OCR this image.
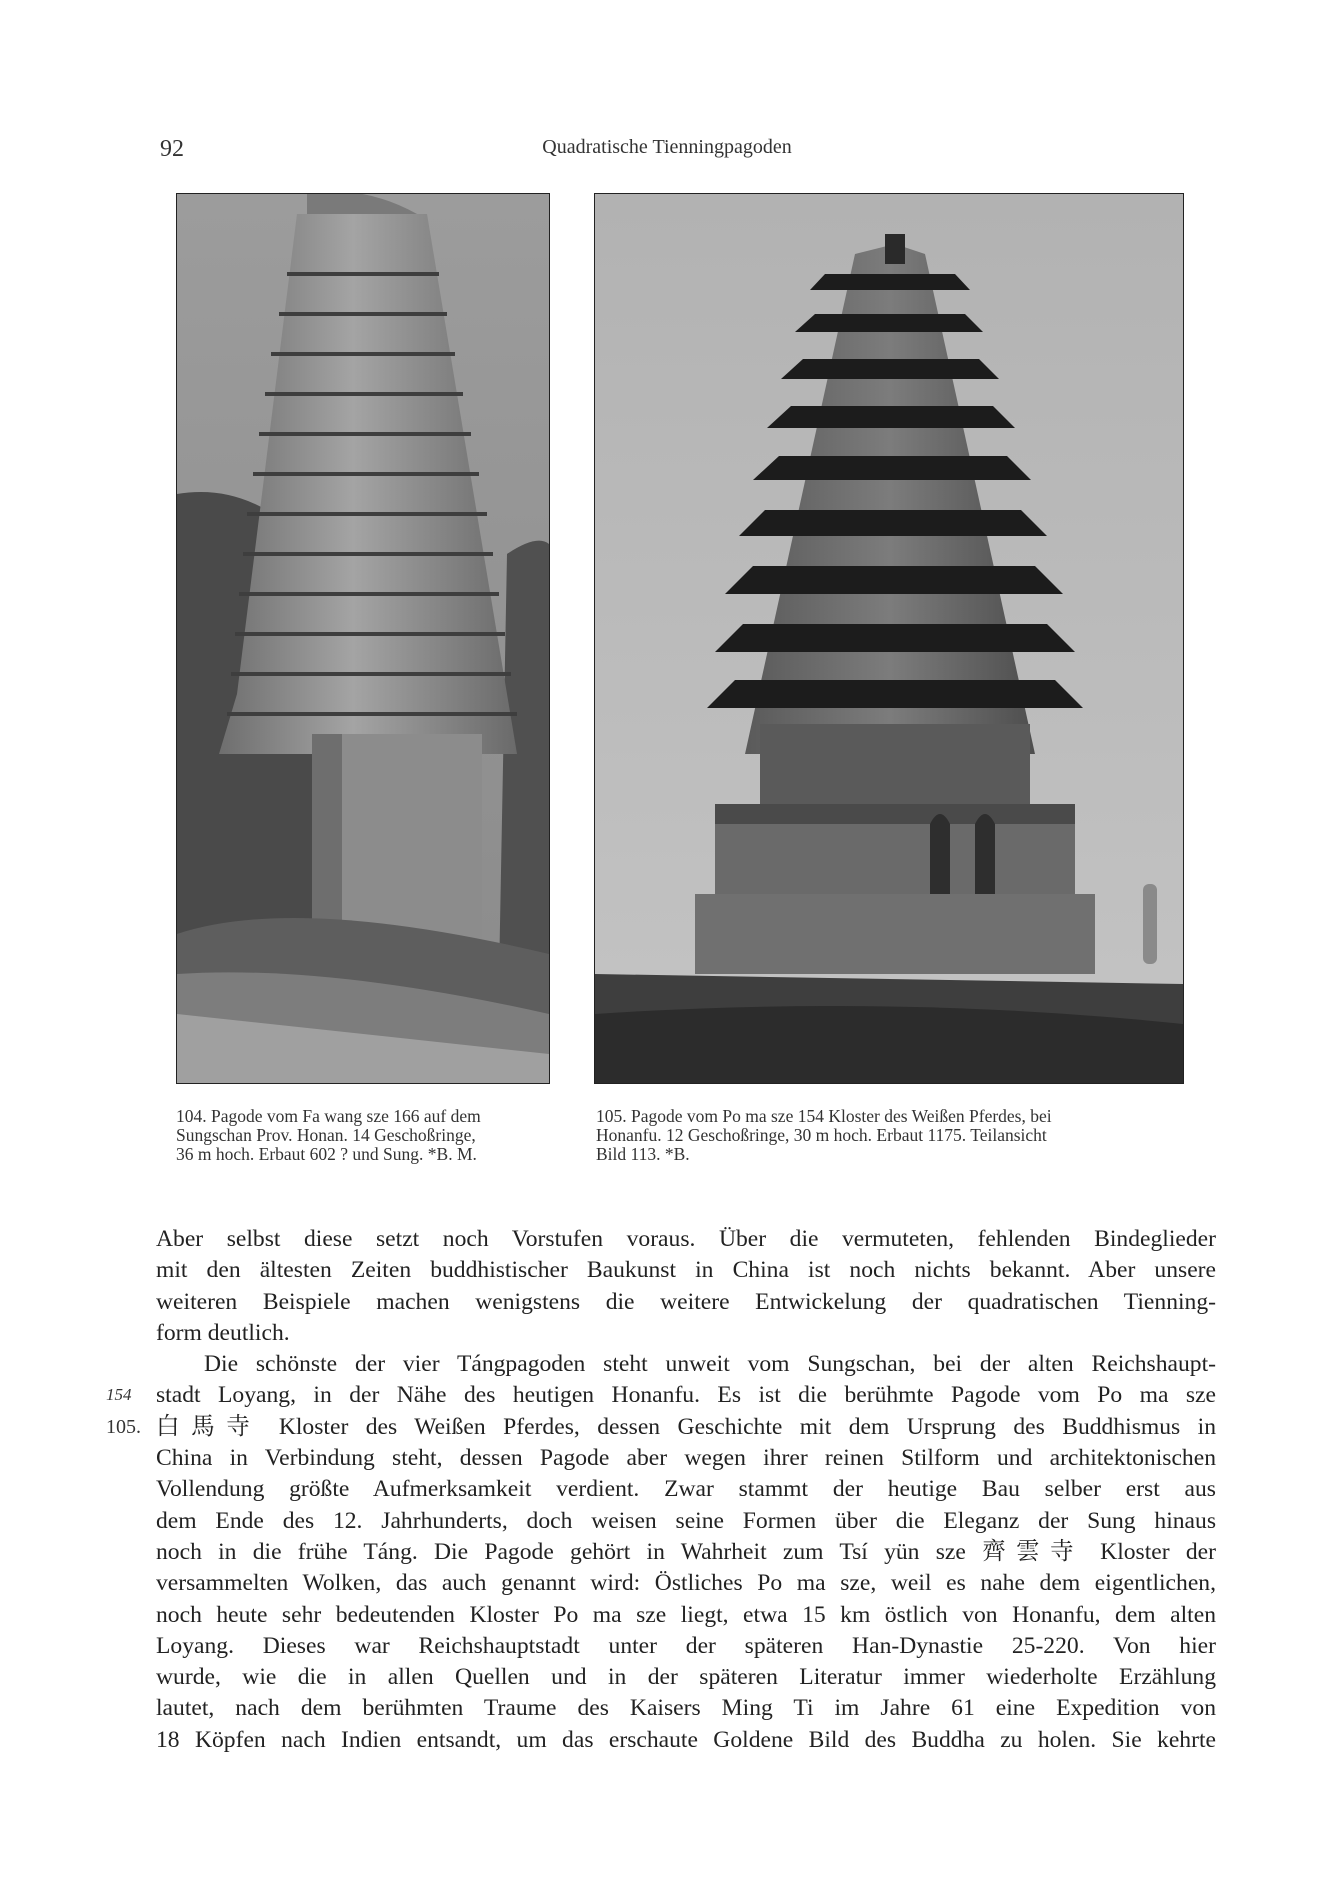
92	Quadratische Tienningpagoden
104. Pagode vom Fa wang sze 166 auf dem
Sungschan Prov. Honan. 14 Geschoßringe,
36 m hoch. Erbaut 602 ? und Sung. *B. M.
105. Pagode vom Po ma sze 154 Kloster des Weißen Pferdes, bei
Honanfu. 12 Geschoßringe, 30 m hoch. Erbaut 1175. Teilansicht
Bild 113. *B.
154
105.
Aber selbst diese setzt noch Vorstufen voraus. Über die vermuteten, fehlenden Bindeglieder
mit den ältesten Zeiten buddhistischer Baukunst in China ist noch nichts bekannt. Aber unsere
weiteren Beispiele machen wenigstens die weitere Entwickelung der quadratischen Tienning-
form deutlich.
Die schönste der vier Tángpagoden steht unweit vom Sungschan, bei der alten Reichshaupt-
stadt Loyang, in der Nähe des heutigen Honanfu. Es ist die berühmte Pagode vom Po ma sze
白馬寺 Kloster des Weißen Pferdes, dessen Geschichte mit dem Ursprung des Buddhismus in
China in Verbindung steht, dessen Pagode aber wegen ihrer reinen Stilform und architektonischen
Vollendung größte Aufmerksamkeit verdient. Zwar stammt der heutige Bau selber erst aus
dem Ende des 12. Jahrhunderts, doch weisen seine Formen über die Eleganz der Sung hinaus
noch in die frühe Táng. Die Pagode gehört in Wahrheit zum Tsí yün sze 齊雲寺 Kloster der
versammelten Wolken, das auch genannt wird: Östliches Po ma sze, weil es nahe dem eigentlichen,
noch heute sehr bedeutenden Kloster Po ma sze liegt, etwa 15 km östlich von Honanfu, dem alten
Loyang. Dieses war Reichshauptstadt unter der späteren Han-Dynastie 25-220. Von hier
wurde, wie die in allen Quellen und in der späteren Literatur immer wiederholte Erzählung
lautet, nach dem berühmten Traume des Kaisers Ming Ti im Jahre 61 eine Expedition von
18 Köpfen nach Indien entsandt, um das erschaute Goldene Bild des Buddha zu holen. Sie kehrte
